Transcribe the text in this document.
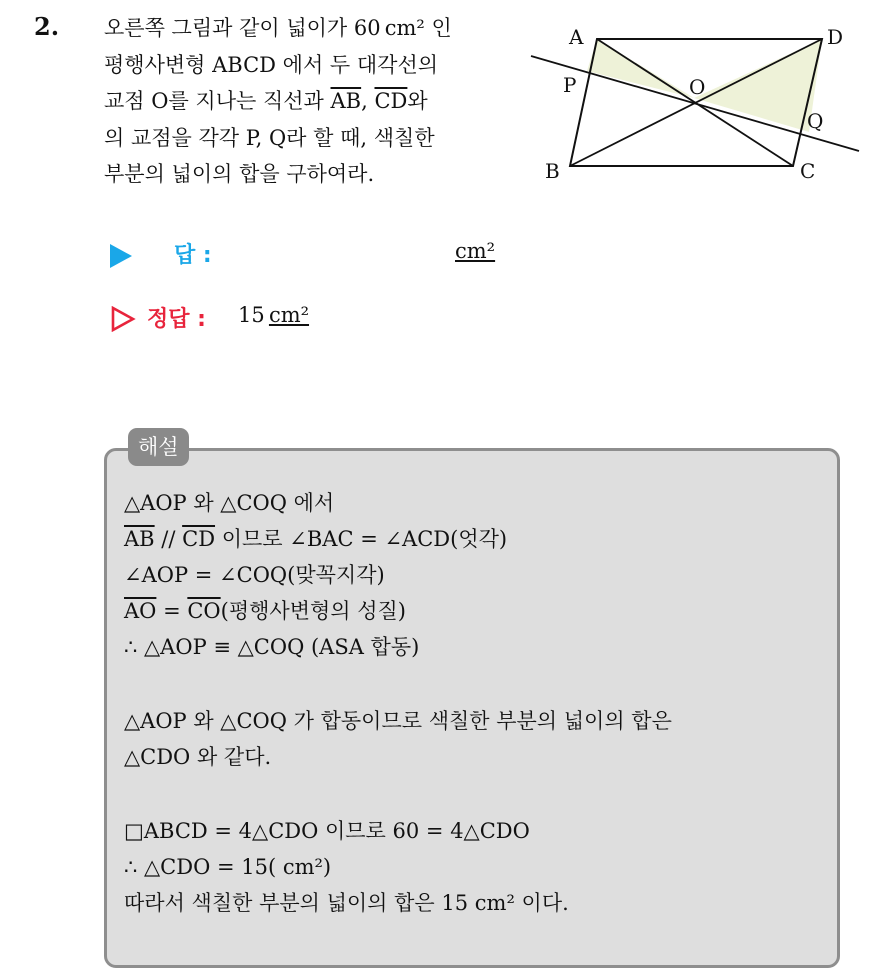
2. 오른쪽 그림과 같이 넓이가 60 cm² 인
평행사변형 ABCD 에서 두 대각선의
교점 O를 지나는 직선과 $\overline{AB}$, $\overline{CD}$와
의 교점을 각각 P, Q라 할 때, 색칠한
부분의 넓이의 합을 구하여라.
A	D
P	O
Q
B	C
답 :	cm²
정답 : 15  cm²
해설
△AOP 와 △COQ 에서
$\overline{AB} // \overline{CD}$ 이므로 ∠BAC = ∠ACD(엇각)
∠AOP = ∠COQ(맞꼭지각)
$\overline{AO} = \overline{CO}$(평행사변형의 성질)
∴ △AOP ≡ △COQ (ASA 합동)
△AOP 와 △COQ 가 합동이므로 색칠한 부분의 넓이의 합은
△CDO 와 같다.
□ABCD = 4△CDO 이므로 60 = 4△CDO
∴ △CDO = 15( cm²)
따라서 색칠한 부분의 넓이의 합은 15 cm² 이다.
